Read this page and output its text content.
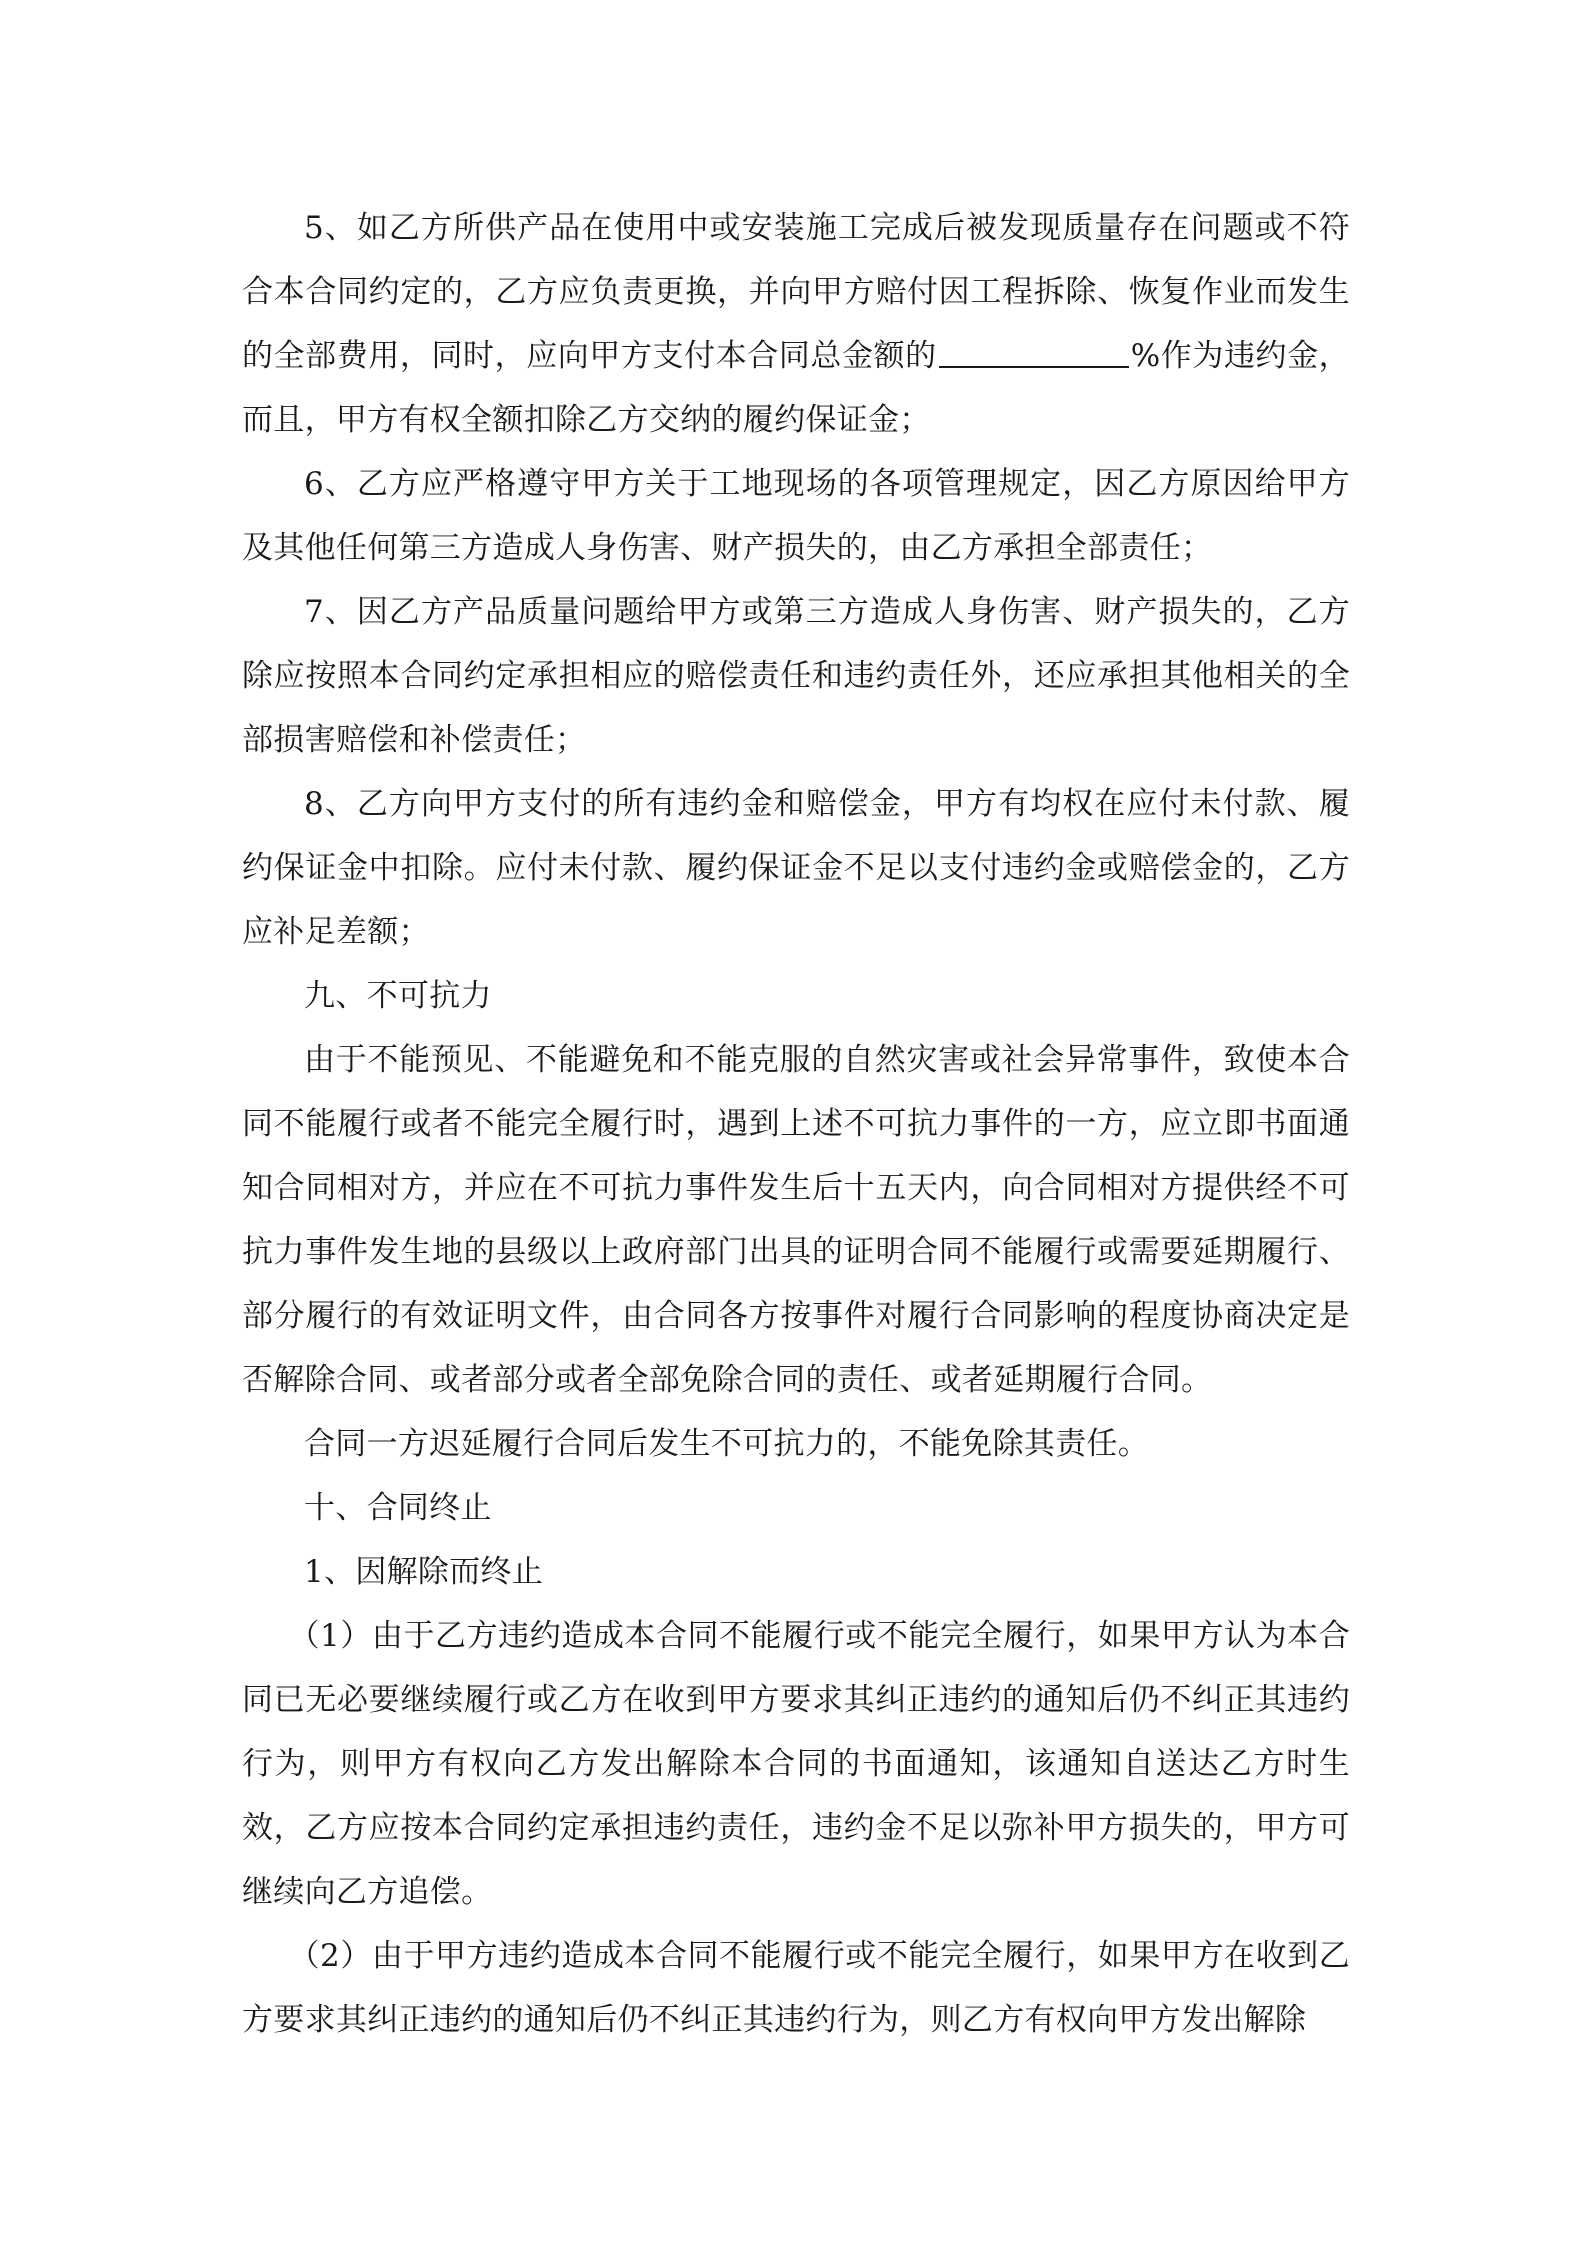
5、如乙方所供产品在使用中或安装施工完成后被发现质量存在问题或不符合本合同约定的，乙方应负责更换，并向甲方赔付因工程拆除、恢复作业而发生的全部费用，同时，应向甲方支付本合同总金额的	%作为违约金，而且，甲方有权全额扣除乙方交纳的履约保证金；

6、乙方应严格遵守甲方关于工地现场的各项管理规定，因乙方原因给甲方及其他任何第三方造成人身伤害、财产损失的，由乙方承担全部责任；

7、因乙方产品质量问题给甲方或第三方造成人身伤害、财产损失的，乙方除应按照本合同约定承担相应的赔偿责任和违约责任外，还应承担其他相关的全部损害赔偿和补偿责任；

8、乙方向甲方支付的所有违约金和赔偿金，甲方有均权在应付未付款、履约保证金中扣除。应付未付款、履约保证金不足以支付违约金或赔偿金的，乙方应补足差额；

九、不可抗力

由于不能预见、不能避免和不能克服的自然灾害或社会异常事件，致使本合同不能履行或者不能完全履行时，遇到上述不可抗力事件的一方，应立即书面通知合同相对方，并应在不可抗力事件发生后十五天内，向合同相对方提供经不可抗力事件发生地的县级以上政府部门出具的证明合同不能履行或需要延期履行、部分履行的有效证明文件，由合同各方按事件对履行合同影响的程度协商决定是否解除合同、或者部分或者全部免除合同的责任、或者延期履行合同。

合同一方迟延履行合同后发生不可抗力的，不能免除其责任。

十、合同终止

1、因解除而终止

（1）由于乙方违约造成本合同不能履行或不能完全履行，如果甲方认为本合同已无必要继续履行或乙方在收到甲方要求其纠正违约的通知后仍不纠正其违约行为，则甲方有权向乙方发出解除本合同的书面通知，该通知自送达乙方时生效，乙方应按本合同约定承担违约责任，违约金不足以弥补甲方损失的，甲方可继续向乙方追偿。

（2）由于甲方违约造成本合同不能履行或不能完全履行，如果甲方在收到乙方要求其纠正违约的通知后仍不纠正其违约行为，则乙方有权向甲方发出解除
